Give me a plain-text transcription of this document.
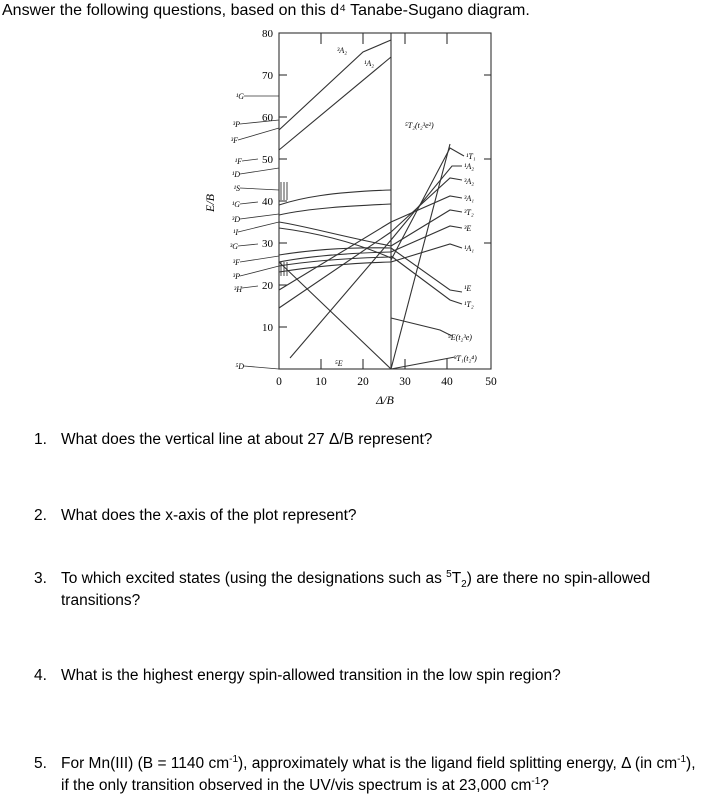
Answer the following questions, based on this d⁴ Tanabe-Sugano diagram.
80
70
60
50
40
30
20
10
0	10	20	30	40	50
Δ/B
E/B
¹G
³P
³F
¹F
¹D
¹S
¹G
³D
¹I
³G
³F
³P
³H
⁵D
¹T₁
¹A₂
³A₂
³A₁
³T₂
³E
¹A₁
¹E
¹T₂
⁵E(t₂³e)
³T₁(t₂⁴)
³A₂
¹A₂
⁵T₂(t₂³e²)
⁵E
1. What does the vertical line at about 27 Δ/B represent?
2. What does the x-axis of the plot represent?
3. To which excited states (using the designations such as $^5T_2$) are there no spin-allowed transitions?
4. What is the highest energy spin-allowed transition in the low spin region?
5. For Mn(III) (B = 1140 $cm^{-1}$), approximately what is the ligand field splitting energy, Δ (in $cm^{-1}$), if the only transition observed in the UV/vis spectrum is at 23,000 $cm^{-1}$?
